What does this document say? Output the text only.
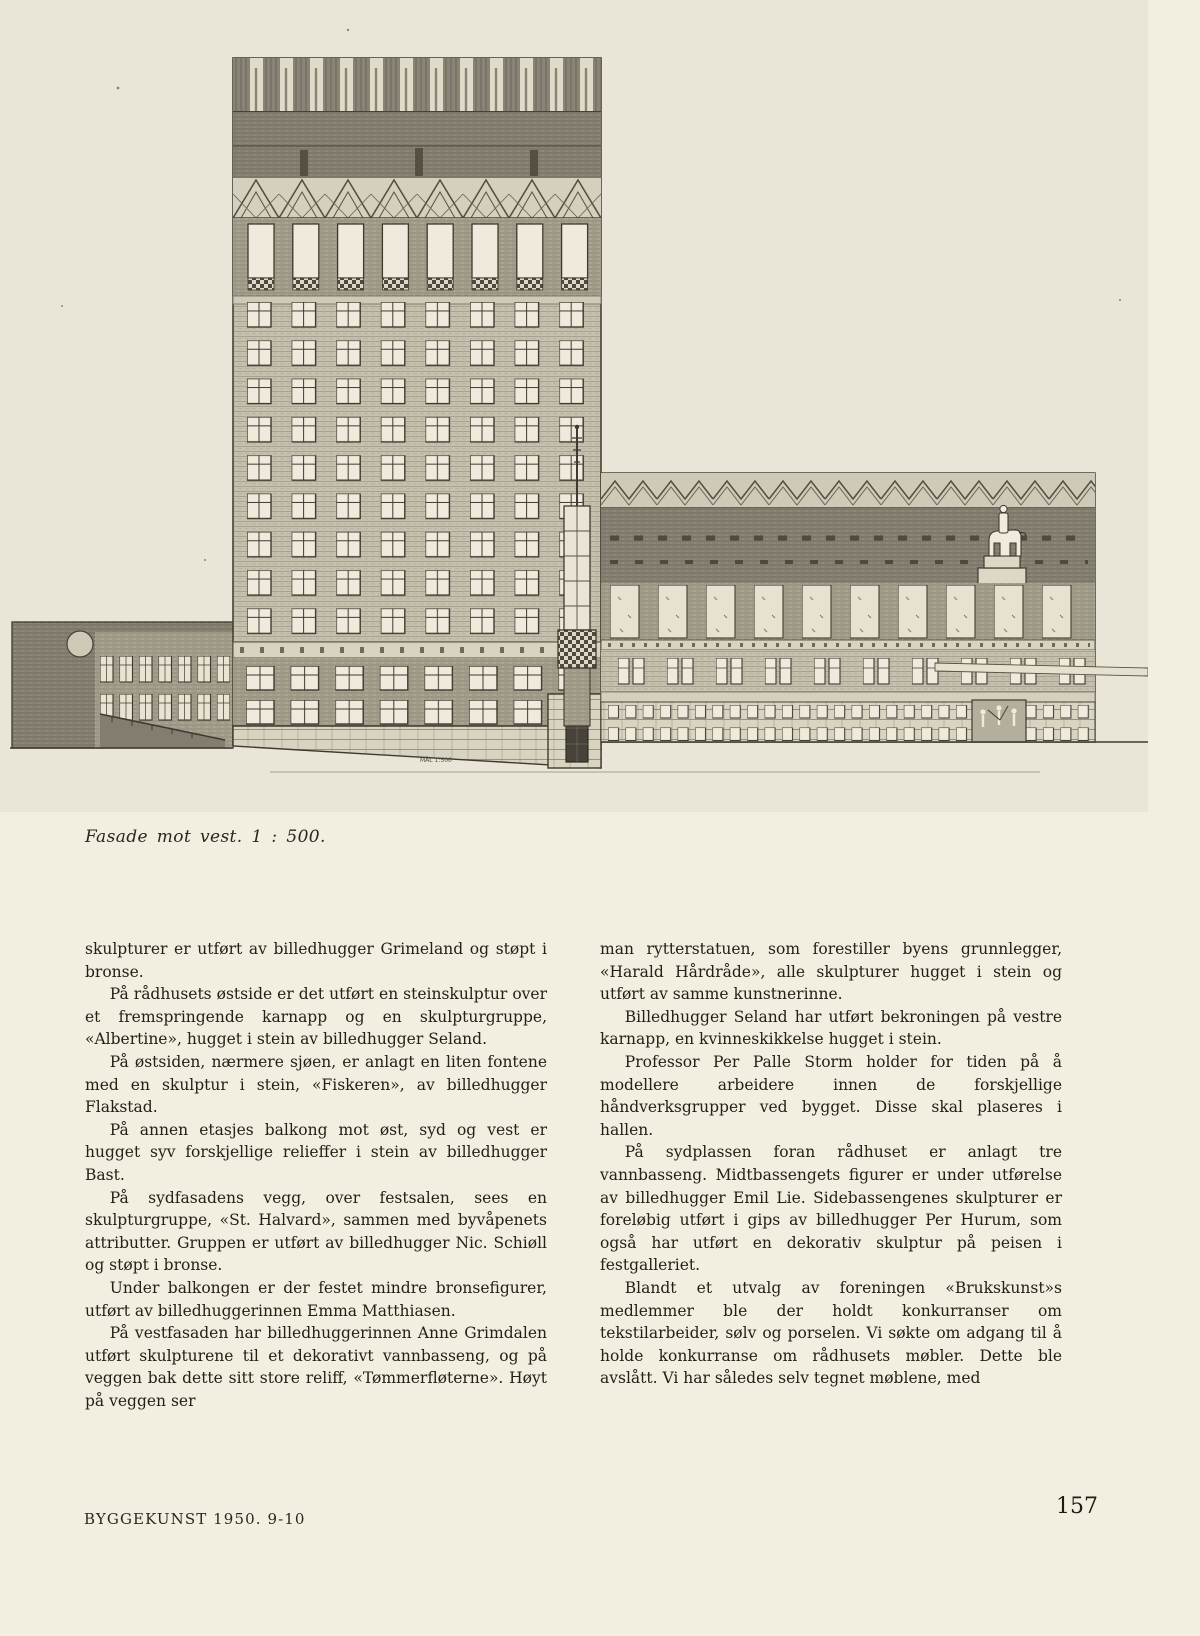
MÅL 1:500
Fasade mot vest. 1 : 500.

skulpturer er utført av billedhugger Grimeland og støpt i bronse.

På rådhusets østside er det utført en steinskulptur over et fremspringende karnapp og en skulpturgruppe, «Albertine», hugget i stein av billedhugger Seland.

På østsiden, nærmere sjøen, er anlagt en liten fontene med en skulptur i stein, «Fiskeren», av billedhugger Flakstad.

På annen etasjes balkong mot øst, syd og vest er hugget syv forskjellige relieffer i stein av billedhugger Bast.

På sydfasadens vegg, over festsalen, sees en skulpturgruppe, «St. Halvard», sammen med byvåpenets attributter. Gruppen er utført av billedhugger Nic. Schiøll og støpt i bronse.

Under balkongen er der festet mindre bronsefigurer, utført av billedhuggerinnen Emma Matthiasen.

På vestfasaden har billedhuggerinnen Anne Grimdalen utført skulpturene til et dekorativt vannbasseng, og på veggen bak dette sitt store reliff, «Tømmerfløterne». Høyt på veggen ser

man rytterstatuen, som forestiller byens grunnlegger, «Harald Hårdråde», alle skulpturer hugget i stein og utført av samme kunstnerinne.

Billedhugger Seland har utført bekroningen på vestre karnapp, en kvinneskikkelse hugget i stein.

Professor Per Palle Storm holder for tiden på å modellere arbeidere innen de forskjellige håndverksgrupper ved bygget. Disse skal plaseres i hallen.

På sydplassen foran rådhuset er anlagt tre vannbasseng. Midtbassengets figurer er under utførelse av billedhugger Emil Lie. Sidebassengenes skulpturer er foreløbig utført i gips av billedhugger Per Hurum, som også har utført en dekorativ skulptur på peisen i festgalleriet.

Blandt et utvalg av foreningen «Brukskunst»s medlemmer ble der holdt konkurranser om tekstilarbeider, sølv og porselen. Vi søkte om adgang til å holde konkurranse om rådhusets møbler. Dette ble avslått. Vi har således selv tegnet møblene, med

BYGGEKUNST 1950. 9-10	157
